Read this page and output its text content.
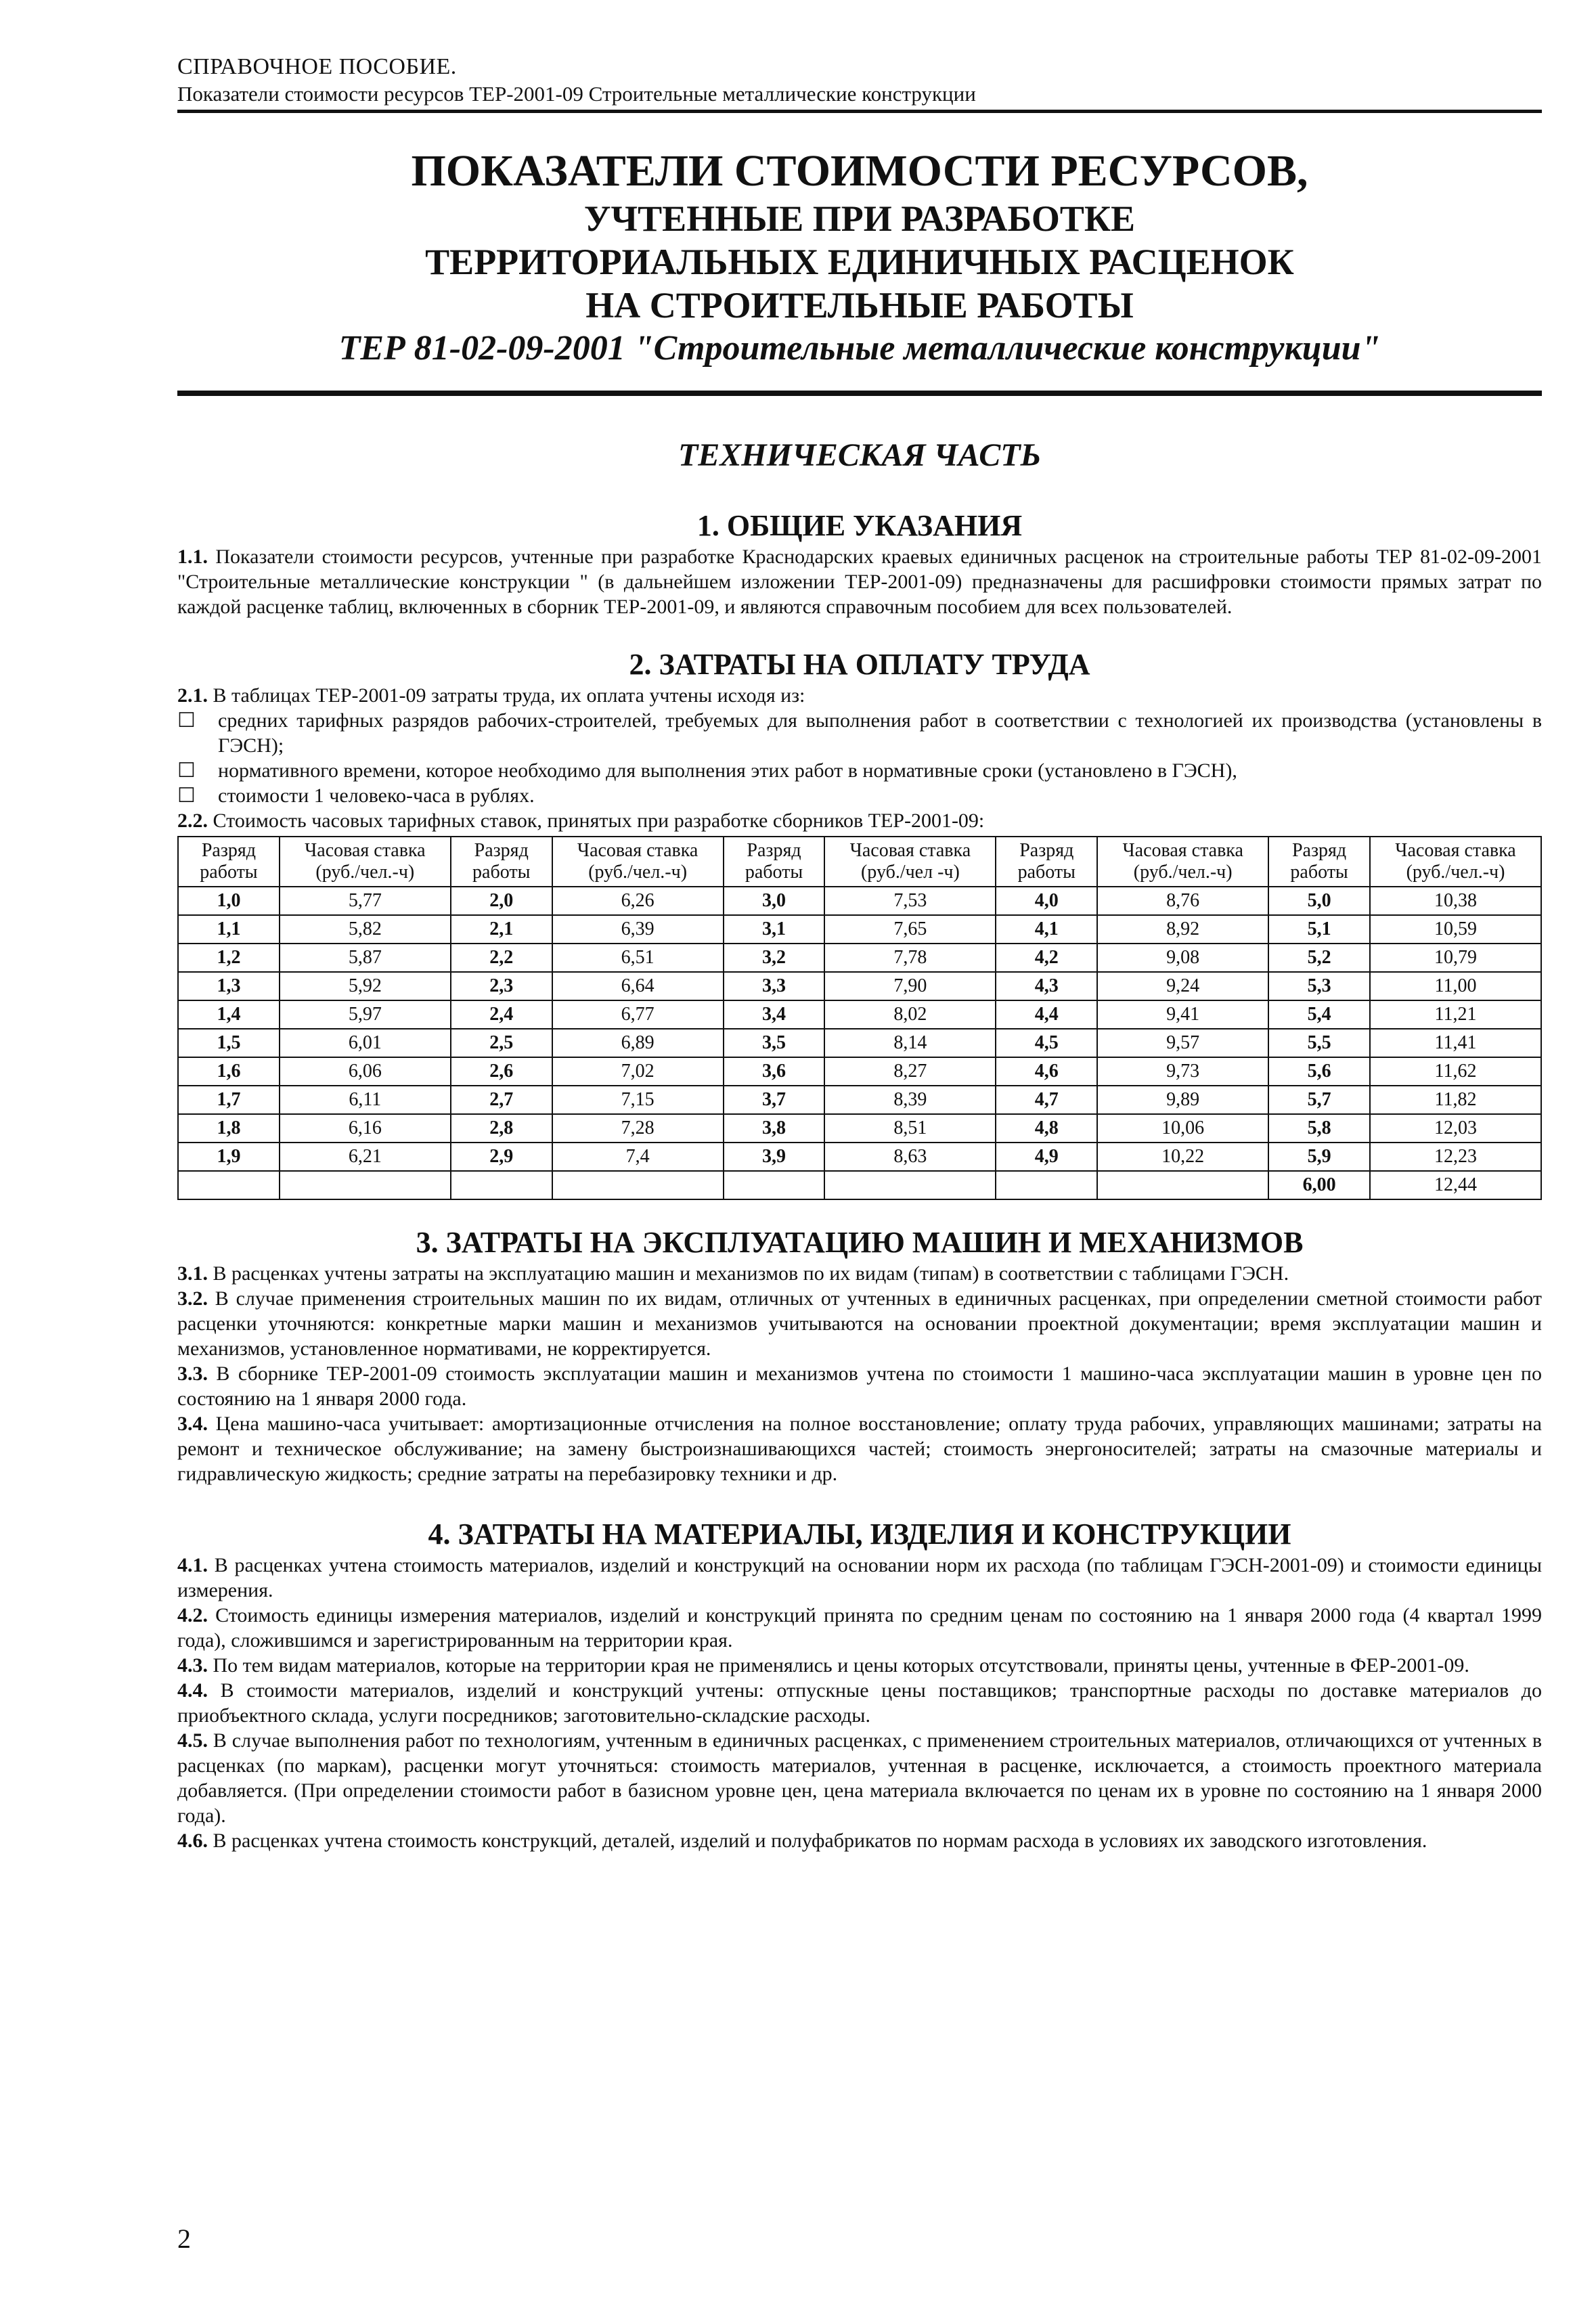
СПРАВОЧНОЕ ПОСОБИЕ.
Показатели стоимости ресурсов ТЕР-2001-09 Строительные металлические конструкции
ПОКАЗАТЕЛИ СТОИМОСТИ РЕСУРСОВ,
УЧТЕННЫЕ ПРИ РАЗРАБОТКЕ
ТЕРРИТОРИАЛЬНЫХ ЕДИНИЧНЫХ РАСЦЕНОК
НА СТРОИТЕЛЬНЫЕ РАБОТЫ
ТЕР 81-02-09-2001 "Строительные металлические конструкции"
ТЕХНИЧЕСКАЯ ЧАСТЬ
1. ОБЩИЕ УКАЗАНИЯ

1.1. Показатели стоимости ресурсов, учтенные при разработке Краснодарских краевых единичных расценок на строительные работы ТЕР 81-02-09-2001 "Строительные металлические конструкции " (в дальнейшем изложении ТЕР-2001-09) предназначены для расшифровки стоимости прямых затрат по каждой расценке таблиц, включенных в сборник ТЕР-2001-09, и являются справочным пособием для всех пользователей.

2. ЗАТРАТЫ НА ОПЛАТУ ТРУДА

2.1. В таблицах ТЕР-2001-09 затраты труда, их оплата учтены исходя из:

☐ средних тарифных разрядов рабочих-строителей, требуемых для выполнения работ в соответствии с технологией их производства (установлены в ГЭСН);

☐ нормативного времени, которое необходимо для выполнения этих работ в нормативные сроки (установлено в ГЭСН),

☐ стоимости 1 человеко-часа в рублях.

2.2. Стоимость часовых тарифных ставок, принятых при разработке сборников ТЕР-2001-09:

Разряд работы	Часовая ставка (руб./чел.-ч)	Разряд работы	Часовая ставка (руб./чел.-ч)	Разряд работы	Часовая ставка (руб./чел -ч)	Разряд работы	Часовая ставка (руб./чел.-ч)	Разряд работы	Часовая ставка (руб./чел.-ч)
1,0	5,77	2,0	6,26	3,0	7,53	4,0	8,76	5,0	10,38
1,1	5,82	2,1	6,39	3,1	7,65	4,1	8,92	5,1	10,59
1,2	5,87	2,2	6,51	3,2	7,78	4,2	9,08	5,2	10,79
1,3	5,92	2,3	6,64	3,3	7,90	4,3	9,24	5,3	11,00
1,4	5,97	2,4	6,77	3,4	8,02	4,4	9,41	5,4	11,21
1,5	6,01	2,5	6,89	3,5	8,14	4,5	9,57	5,5	11,41
1,6	6,06	2,6	7,02	3,6	8,27	4,6	9,73	5,6	11,62
1,7	6,11	2,7	7,15	3,7	8,39	4,7	9,89	5,7	11,82
1,8	6,16	2,8	7,28	3,8	8,51	4,8	10,06	5,8	12,03
1,9	6,21	2,9	7,4	3,9	8,63	4,9	10,22	5,9	12,23
								6,00	12,44
3. ЗАТРАТЫ НА ЭКСПЛУАТАЦИЮ МАШИН И МЕХАНИЗМОВ

3.1. В расценках учтены затраты на эксплуатацию машин и механизмов по их видам (типам) в соответствии с таблицами ГЭСН.

3.2. В случае применения строительных машин по их видам, отличных от учтенных в единичных расценках, при определении сметной стоимости работ расценки уточняются: конкретные марки машин и механизмов учитываются на основании проектной документации; время эксплуатации машин и механизмов, установленное нормативами, не корректируется.

3.3. В сборнике ТЕР-2001-09 стоимость эксплуатации машин и механизмов учтена по стоимости 1 машино-часа эксплуатации машин в уровне цен по состоянию на 1 января 2000 года.

3.4. Цена машино-часа учитывает: амортизационные отчисления на полное восстановление; оплату труда рабочих, управляющих машинами; затраты на ремонт и техническое обслуживание; на замену быстроизнашивающихся частей; стоимость энергоносителей; затраты на смазочные материалы и гидравлическую жидкость; средние затраты на перебазировку техники и др.

4. ЗАТРАТЫ НА МАТЕРИАЛЫ, ИЗДЕЛИЯ И КОНСТРУКЦИИ

4.1. В расценках учтена стоимость материалов, изделий и конструкций на основании норм их расхода (по таблицам ГЭСН-2001-09) и стоимости единицы измерения.

4.2. Стоимость единицы измерения материалов, изделий и конструкций принята по средним ценам по состоянию на 1 января 2000 года (4 квартал 1999 года), сложившимся и зарегистрированным на территории края.

4.3. По тем видам материалов, которые на территории края не применялись и цены которых отсутствовали, приняты цены, учтенные в ФЕР-2001-09.

4.4. В стоимости материалов, изделий и конструкций учтены: отпускные цены поставщиков; транспортные расходы по доставке материалов до приобъектного склада, услуги посредников; заготовительно-складские расходы.

4.5. В случае выполнения работ по технологиям, учтенным в единичных расценках, с применением строительных материалов, отличающихся от учтенных в расценках (по маркам), расценки могут уточняться: стоимость материалов, учтенная в расценке, исключается, а стоимость проектного материала добавляется. (При определении стоимости работ в базисном уровне цен, цена материала включается по ценам их в уровне по состоянию на 1 января 2000 года).

4.6. В расценках учтена стоимость конструкций, деталей, изделий и полуфабрикатов по нормам расхода в условиях их заводского изготовления.

2
